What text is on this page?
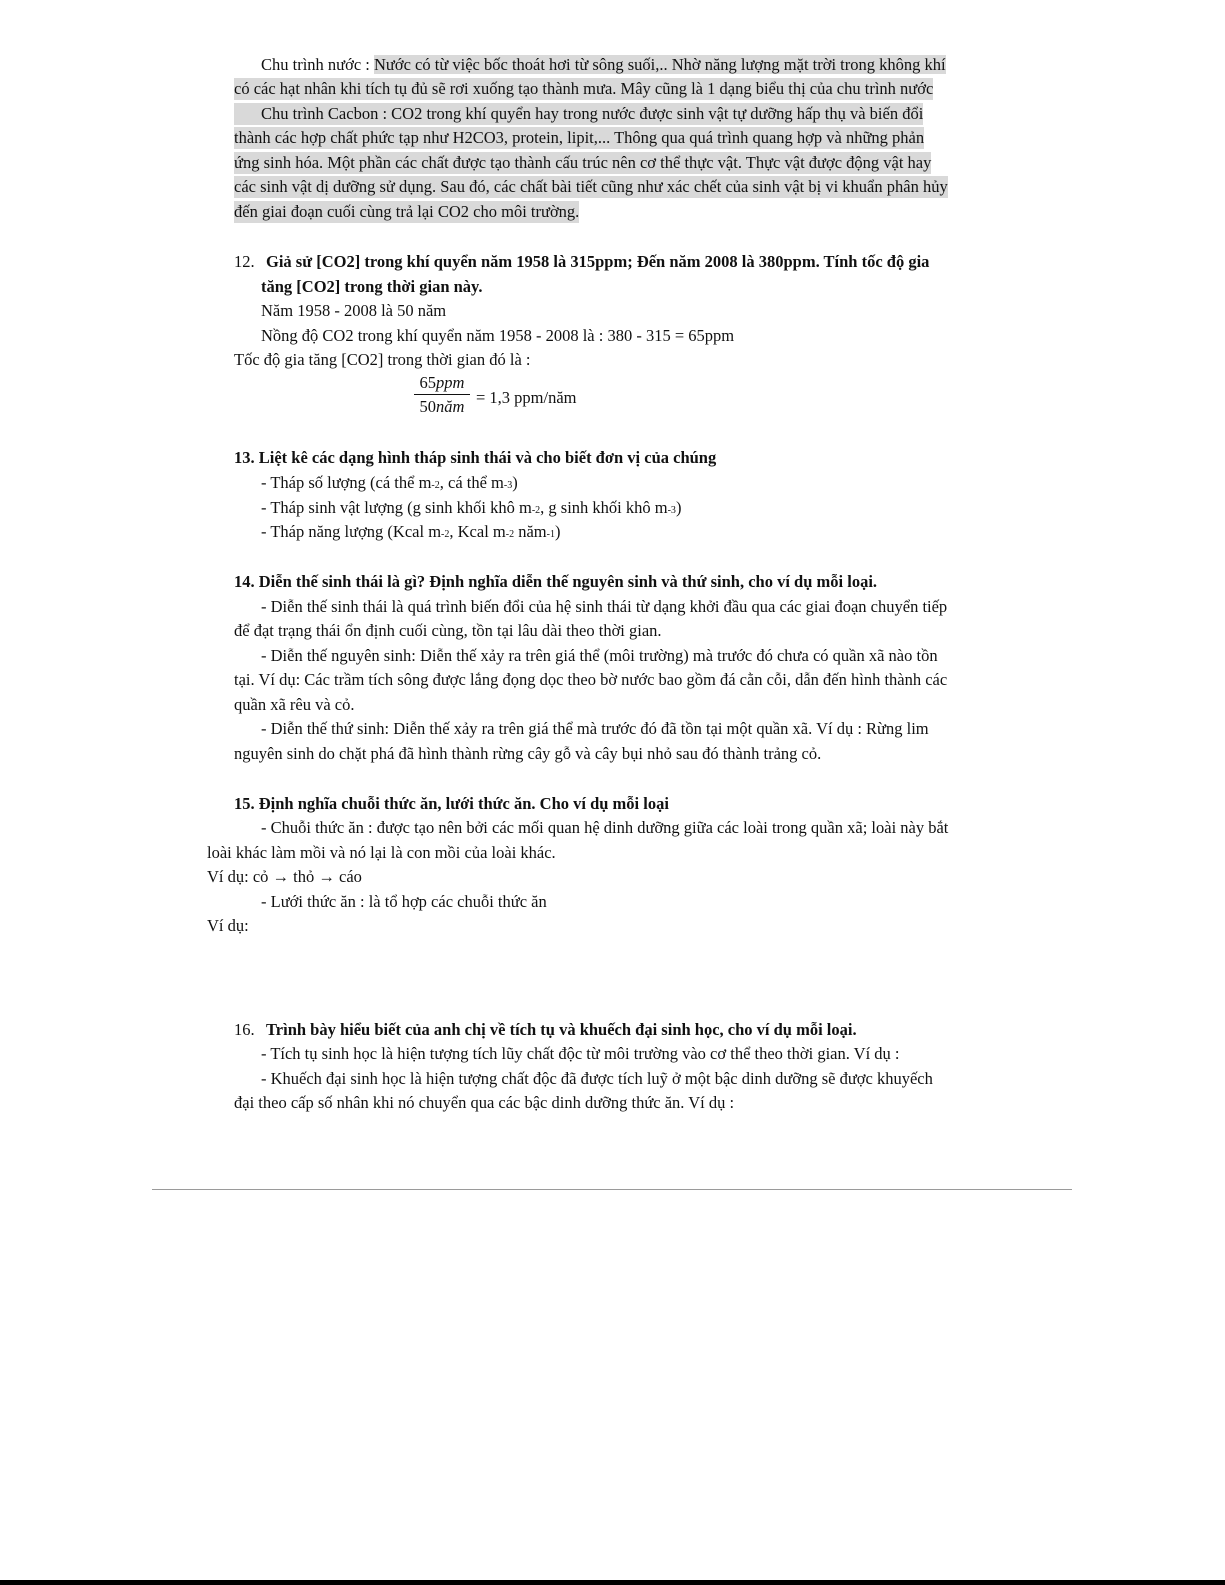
Chu trình nước : Nước có từ việc bốc thoát hơi từ sông suối,.. Nhờ năng lượng mặt trời trong không khí
có các hạt nhân khi tích tụ đủ sẽ rơi xuống tạo thành mưa. Mây cũng là 1 dạng biểu thị của chu trình nước
Chu trình Cacbon : CO2 trong khí quyển hay trong nước được sinh vật tự dưỡng hấp thụ và biến đổi
thành các hợp chất phức tạp như H2CO3, protein, lipit,... Thông qua quá trình quang hợp và những phản
ứng sinh hóa. Một phần các chất được tạo thành cấu trúc nên cơ thể thực vật. Thực vật được động vật hay
các sinh vật dị dưỡng sử dụng. Sau đó, các chất bài tiết cũng như xác chết của sinh vật bị vi khuẩn phân hủy
đến giai đoạn cuối cùng trả lại CO2 cho môi trường.
12. Giả sử [CO2] trong khí quyển năm 1958 là 315ppm; Đến năm 2008 là 380ppm. Tính tốc độ gia
tăng [CO2] trong thời gian này.
Năm 1958 - 2008 là 50 năm
Nồng độ CO2 trong khí quyển năm 1958 - 2008 là : 380 - 315 = 65ppm
Tốc độ gia tăng [CO2] trong thời gian đó là :
65ppm
50năm = 1,3 ppm/năm
13. Liệt kê các dạng hình tháp sinh thái và cho biết đơn vị của chúng
- Tháp số lượng (cá thể m-2, cá thể m-3)
- Tháp sinh vật lượng (g sinh khối khô m-2, g sinh khối khô m-3)
- Tháp năng lượng (Kcal m-2, Kcal m-2 năm-1)
14. Diễn thế sinh thái là gì? Định nghĩa diễn thế nguyên sinh và thứ sinh, cho ví dụ mỗi loại.
- Diễn thế sinh thái là quá trình biến đổi của hệ sinh thái từ dạng khởi đầu qua các giai đoạn chuyển tiếp
để đạt trạng thái ổn định cuối cùng, tồn tại lâu dài theo thời gian.
- Diễn thế nguyên sinh: Diễn thế xảy ra trên giá thể (môi trường) mà trước đó chưa có quần xã nào tồn
tại. Ví dụ: Các trầm tích sông được lắng đọng dọc theo bờ nước bao gồm đá cằn cỗi, dẫn đến hình thành các
quần xã rêu và cỏ.
- Diễn thế thứ sinh: Diễn thế xảy ra trên giá thể mà trước đó đã tồn tại một quần xã. Ví dụ : Rừng lim
nguyên sinh do chặt phá đã hình thành rừng cây gỗ và cây bụi nhỏ sau đó thành trảng cỏ.
15. Định nghĩa chuỗi thức ăn, lưới thức ăn. Cho ví dụ mỗi loại
- Chuỗi thức ăn : được tạo nên bởi các mối quan hệ dinh dưỡng giữa các loài trong quần xã; loài này bắt
loài khác làm mồi và nó lại là con mồi của loài khác.
Ví dụ: cỏ → thỏ → cáo
- Lưới thức ăn : là tổ hợp các chuỗi thức ăn
Ví dụ:
16. Trình bày hiểu biết của anh chị về tích tụ và khuếch đại sinh học, cho ví dụ mỗi loại.
- Tích tụ sinh học là hiện tượng tích lũy chất độc từ môi trường vào cơ thể theo thời gian. Ví dụ :
- Khuếch đại sinh học là hiện tượng chất độc đã được tích luỹ ở một bậc dinh dưỡng sẽ được khuyếch
đại theo cấp số nhân khi nó chuyển qua các bậc dinh dưỡng thức ăn. Ví dụ :
